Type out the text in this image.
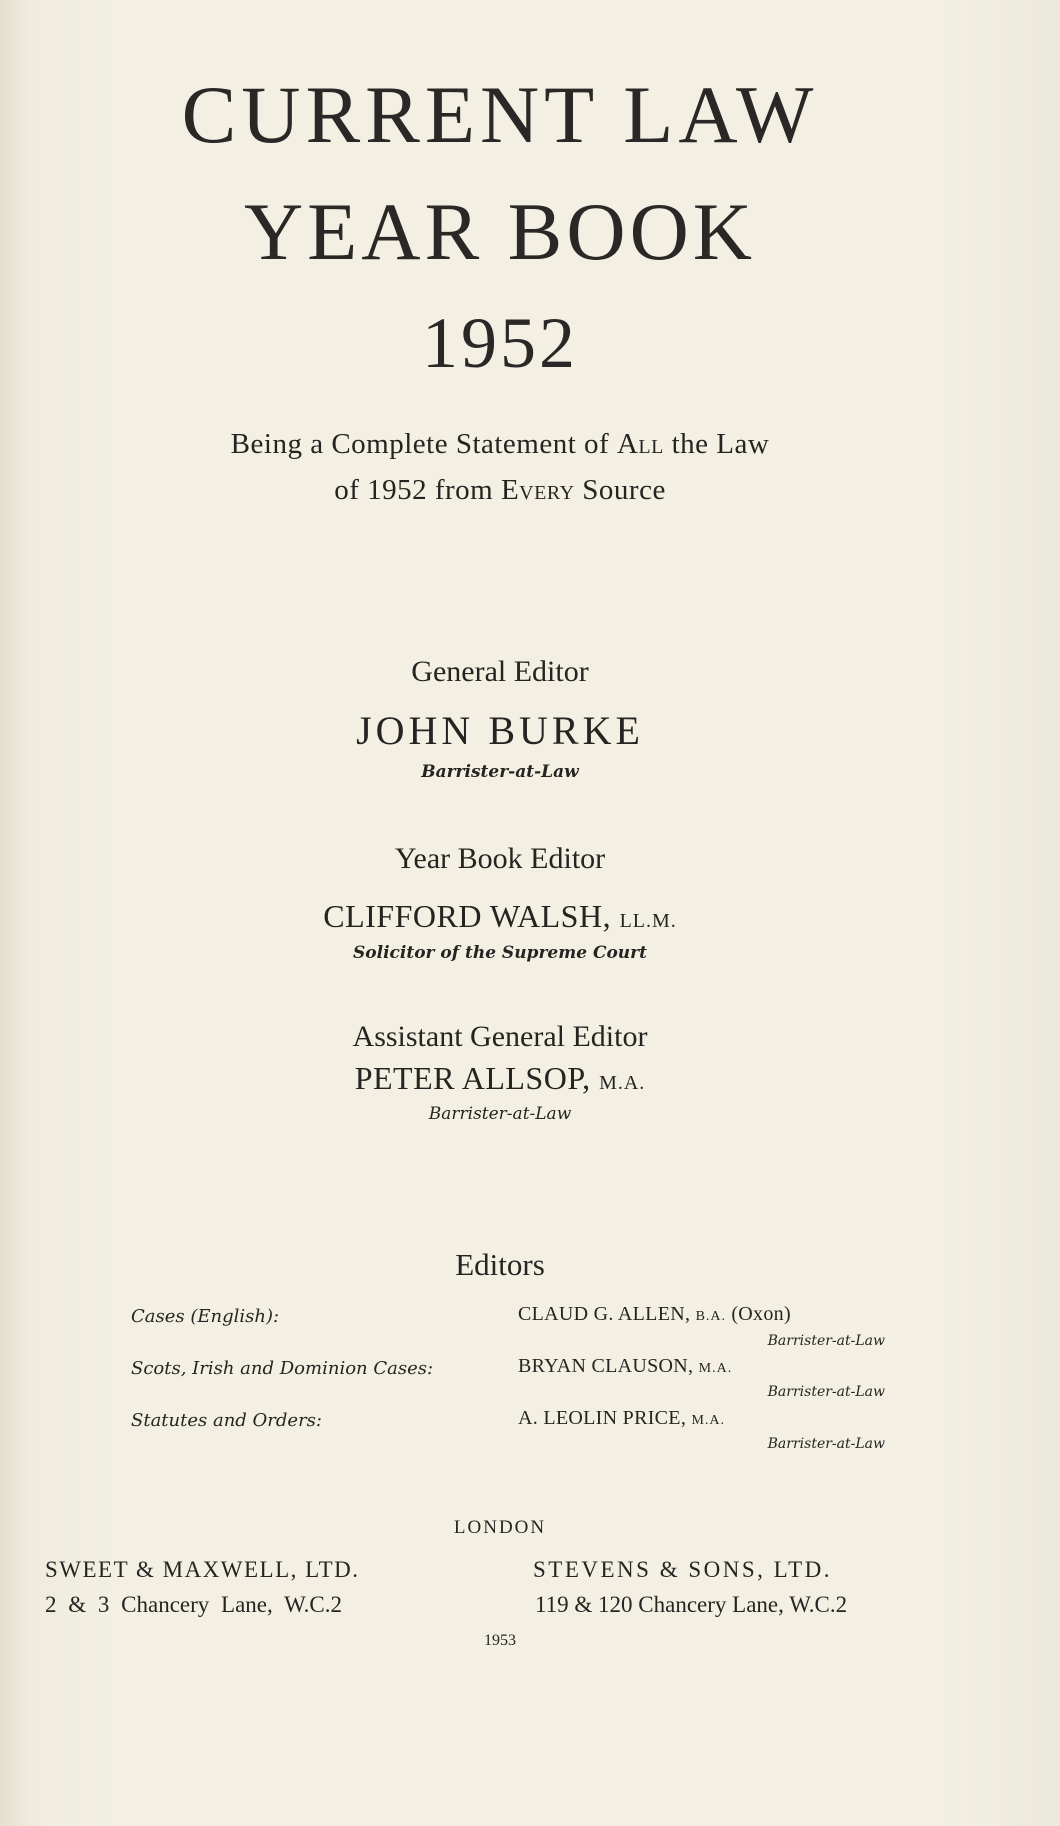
CURRENT LAW
YEAR BOOK
1952
Being a Complete Statement of All the Law
of 1952 from Every Source
General Editor
JOHN BURKE
Barrister-at-Law
Year Book Editor
CLIFFORD WALSH, LL.M.
Solicitor of the Supreme Court
Assistant General Editor
PETER ALLSOP, M.A.
Barrister-at-Law
Editors
Cases (English):	CLAUD G. ALLEN, B.A. (Oxon)
Barrister-at-Law
Scots, Irish and Dominion Cases:	BRYAN CLAUSON, M.A.
Barrister-at-Law
Statutes and Orders:	A. LEOLIN PRICE, M.A.
Barrister-at-Law
LONDON
SWEET & MAXWELL, LTD.
2 & 3 Chancery Lane, W.C.2
STEVENS & SONS, LTD.
119 & 120 Chancery Lane, W.C.2
1953
